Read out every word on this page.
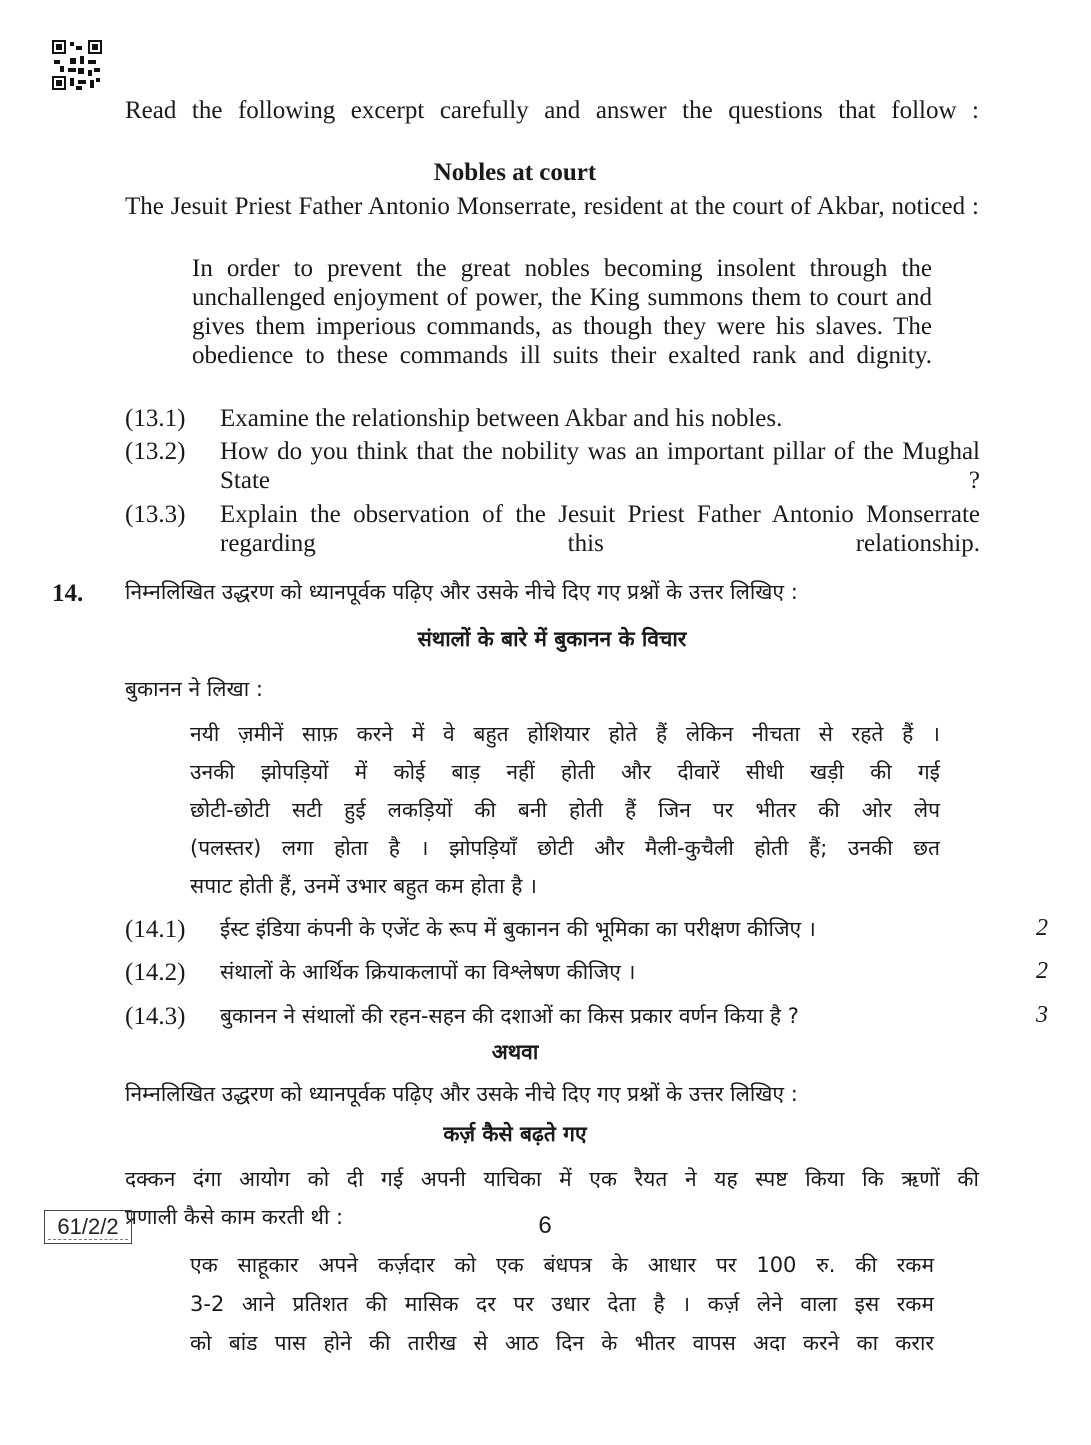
Read the following excerpt carefully and answer the questions that follow :
Nobles at court
The Jesuit Priest Father Antonio Monserrate, resident at the court of Akbar, noticed :
In order to prevent the great nobles becoming insolent through the unchallenged enjoyment of power, the King summons them to court and gives them imperious commands, as though they were his slaves. The obedience to these commands ill suits their exalted rank and dignity.
(13.1)	Examine the relationship between Akbar and his nobles.
(13.2)	How do you think that the nobility was an important pillar of the Mughal State ?
(13.3)	Explain the observation of the Jesuit Priest Father Antonio Monserrate regarding this relationship.
14.	निम्नलिखित उद्धरण को ध्यानपूर्वक पढ़िए और उसके नीचे दिए गए प्रश्नों के उत्तर लिखिए :
संथालों के बारे में बुकानन के विचार
बुकानन ने लिखा :
नयी ज़मीनें साफ़ करने में वे बहुत होशियार होते हैं लेकिन नीचता से रहते हैं ।
उनकी झोपड़ियों में कोई बाड़ नहीं होती और दीवारें सीधी खड़ी की गई
छोटी-छोटी सटी हुई लकड़ियों की बनी होती हैं जिन पर भीतर की ओर लेप
(पलस्तर) लगा होता है । झोपड़ियाँ छोटी और मैली-कुचैली होती हैं; उनकी छत
सपाट होती हैं, उनमें उभार बहुत कम होता है ।
(14.1)	ईस्ट इंडिया कंपनी के एजेंट के रूप में बुकानन की भूमिका का परीक्षण कीजिए ।	2
(14.2)	संथालों के आर्थिक क्रियाकलापों का विश्लेषण कीजिए ।	2
(14.3)	बुकानन ने संथालों की रहन-सहन की दशाओं का किस प्रकार वर्णन किया है ?	3
अथवा
निम्नलिखित उद्धरण को ध्यानपूर्वक पढ़िए और उसके नीचे दिए गए प्रश्नों के उत्तर लिखिए :
कर्ज़ कैसे बढ़ते गए
दक्कन दंगा आयोग को दी गई अपनी याचिका में एक रैयत ने यह स्पष्ट किया कि ऋणों की
प्रणाली कैसे काम करती थी :
एक साहूकार अपने कर्ज़दार को एक बंधपत्र के आधार पर 100 रु. की रकम
3-2 आने प्रतिशत की मासिक दर पर उधार देता है । कर्ज़ लेने वाला इस रकम
को बांड पास होने की तारीख से आठ दिन के भीतर वापस अदा करने का करार
61/2/2	6
